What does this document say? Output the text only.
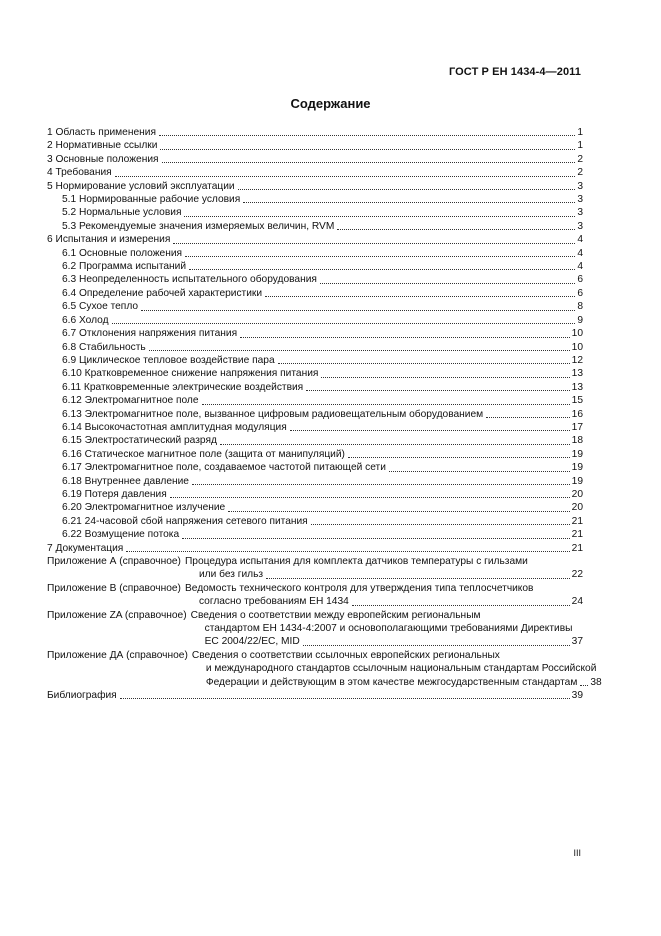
ГОСТ Р ЕН 1434-4—2011
Содержание
1 Область применения	1
2 Нормативные ссылки	1
3 Основные положения	2
4 Требования	2
5 Нормирование условий эксплуатации	3
5.1 Нормированные рабочие условия	3
5.2 Нормальные условия	3
5.3 Рекомендуемые значения измеряемых величин, RVM	3
6 Испытания и измерения	4
6.1 Основные положения	4
6.2 Программа испытаний	4
6.3 Неопределенность испытательного оборудования	6
6.4 Определение рабочей характеристики	6
6.5 Сухое тепло	8
6.6 Холод	9
6.7 Отклонения напряжения питания	10
6.8 Стабильность	10
6.9 Циклическое тепловое воздействие пара	12
6.10 Кратковременное снижение напряжения питания	13
6.11 Кратковременные электрические воздействия	13
6.12 Электромагнитное поле	15
6.13 Электромагнитное поле, вызванное цифровым радиовещательным оборудованием	16
6.14 Высокочастотная амплитудная модуляция	17
6.15 Электростатический разряд	18
6.16 Статическое магнитное поле (защита от манипуляций)	19
6.17 Электромагнитное поле, создаваемое частотой питающей сети	19
6.18 Внутреннее давление	19
6.19 Потеря давления	20
6.20 Электромагнитное излучение	20
6.21 24-часовой сбой напряжения сетевого питания	21
6.22 Возмущение потока	21
7 Документация	21
Приложение А (справочное) Процедура испытания для комплекта датчиков температуры с гильзами
или без гильз	22
Приложение В (справочное) Ведомость технического контроля для утверждения типа теплосчетчиков
согласно требованиям ЕН 1434	24
Приложение ZA (справочное) Сведения о соответствии между европейским региональным
стандартом ЕН 1434-4:2007 и основополагающими требованиями Директивы
ЕС 2004/22/ЕС, MID	37
Приложение ДА (справочное) Сведения о соответствии ссылочных европейских региональных
и международного стандартов ссылочным национальным стандартам Российской
Федерации и действующим в этом качестве межгосударственным стандартам 38
Библиография	39
III
